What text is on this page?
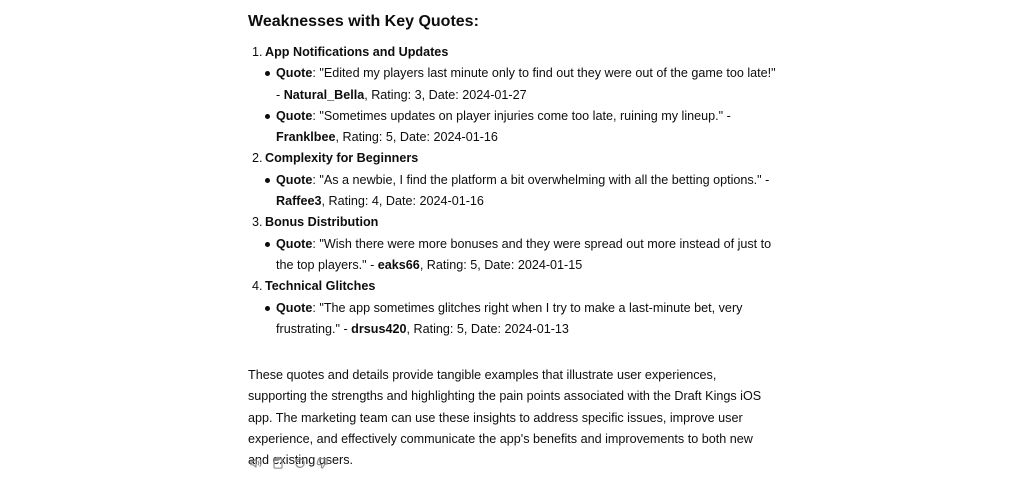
Weaknesses with Key Quotes:
App Notifications and Updates
Quote: "Edited my players last minute only to find out they were out of the game too late!" - Natural_Bella, Rating: 3, Date: 2024-01-27
Quote: "Sometimes updates on player injuries come too late, ruining my lineup." - Franklbee, Rating: 5, Date: 2024-01-16
Complexity for Beginners
Quote: "As a newbie, I find the platform a bit overwhelming with all the betting options." - Raffee3, Rating: 4, Date: 2024-01-16
Bonus Distribution
Quote: "Wish there were more bonuses and they were spread out more instead of just to the top players." - eaks66, Rating: 5, Date: 2024-01-15
Technical Glitches
Quote: "The app sometimes glitches right when I try to make a last-minute bet, very frustrating." - drsus420, Rating: 5, Date: 2024-01-13

These quotes and details provide tangible examples that illustrate user experiences, supporting the strengths and highlighting the pain points associated with the Draft Kings iOS app. The marketing team can use these insights to address specific issues, improve user experience, and effectively communicate the app's benefits and improvements to both new and existing users.
